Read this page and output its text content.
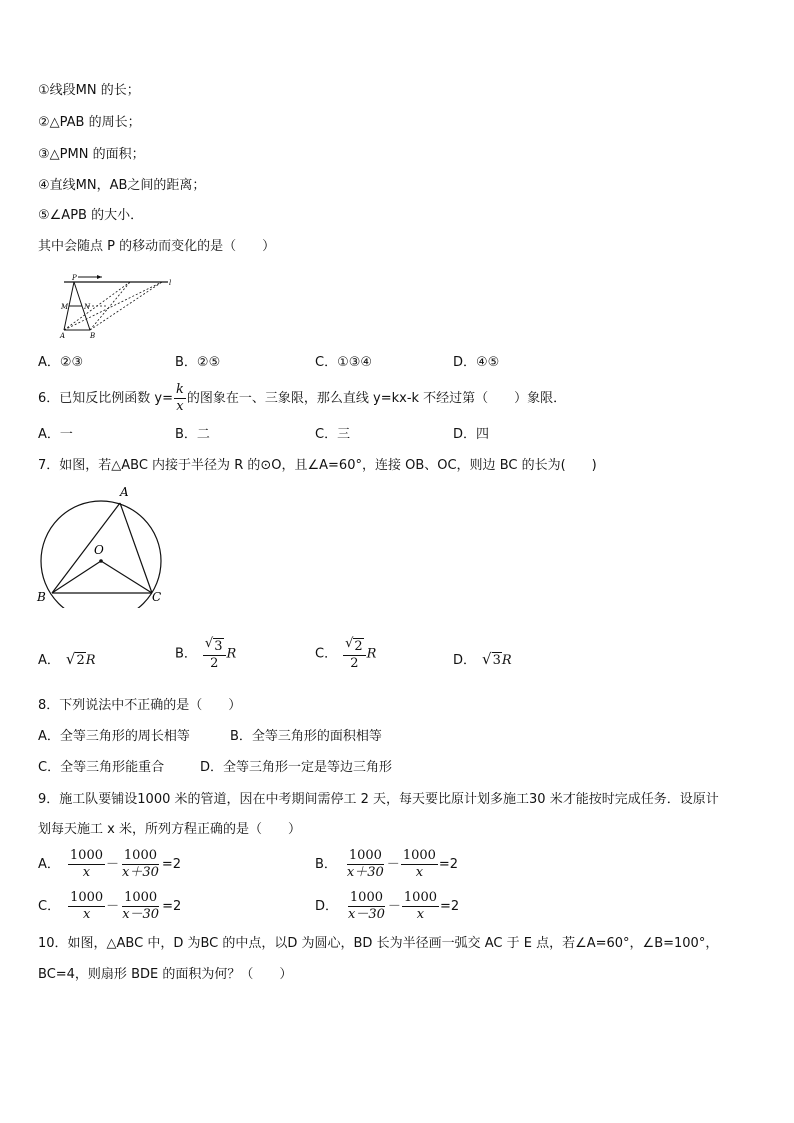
①线段MN 的长；
②△PAB 的周长；
③△PMN 的面积；
④直线MN，AB之间的距离；
⑤∠APB 的大小．
其中会随点 P 的移动而变化的是（　　）
P
M N
A	B
l
A．②③	B．②⑤	C．①③④	D．④⑤
6．已知反比例函数 $y= \frac{k}{x}$ 的图象在一、三象限，那么直线 y=kx-k 不经过第（　　）象限．
A．一	B．二	C．三	D．四
7．如图，若△ABC 内接于半径为 R 的⊙O，且∠A=60°，连接 OB、OC，则边 BC 的长为(　　)
A
O
B	C
A． √ 2 R	B． $\frac{√ 3}{2}$ R	C． $\frac{√ 2}{2}$ R	D． √ 3 R
8．下列说法中不正确的是（　　）
A．全等三角形的周长相等	B．全等三角形的面积相等
C．全等三角形能重合	D．全等三角形一定是等边三角形
9．施工队要铺设1000 米的管道，因在中考期间需停工 2 天，每天要比原计划多施工30 米才能按时完成任务．设原计
划每天施工 x 米，所列方程正确的是（　　）
A． $\frac{1000}{x} - \frac{1000}{x+30} =2$	B． $\frac{1000}{x+30} - \frac{1000}{x} =2$
C． $\frac{1000}{x} - \frac{1000}{x-30} =2$	D． $\frac{1000}{x-30} - \frac{1000}{x} =2$
10．如图，△ABC 中，D 为BC 的中点，以D 为圆心，BD 长为半径画一弧交 AC 于 E 点，若∠A=60°，∠B=100°，
BC=4，则扇形 BDE 的面积为何？（　　）
